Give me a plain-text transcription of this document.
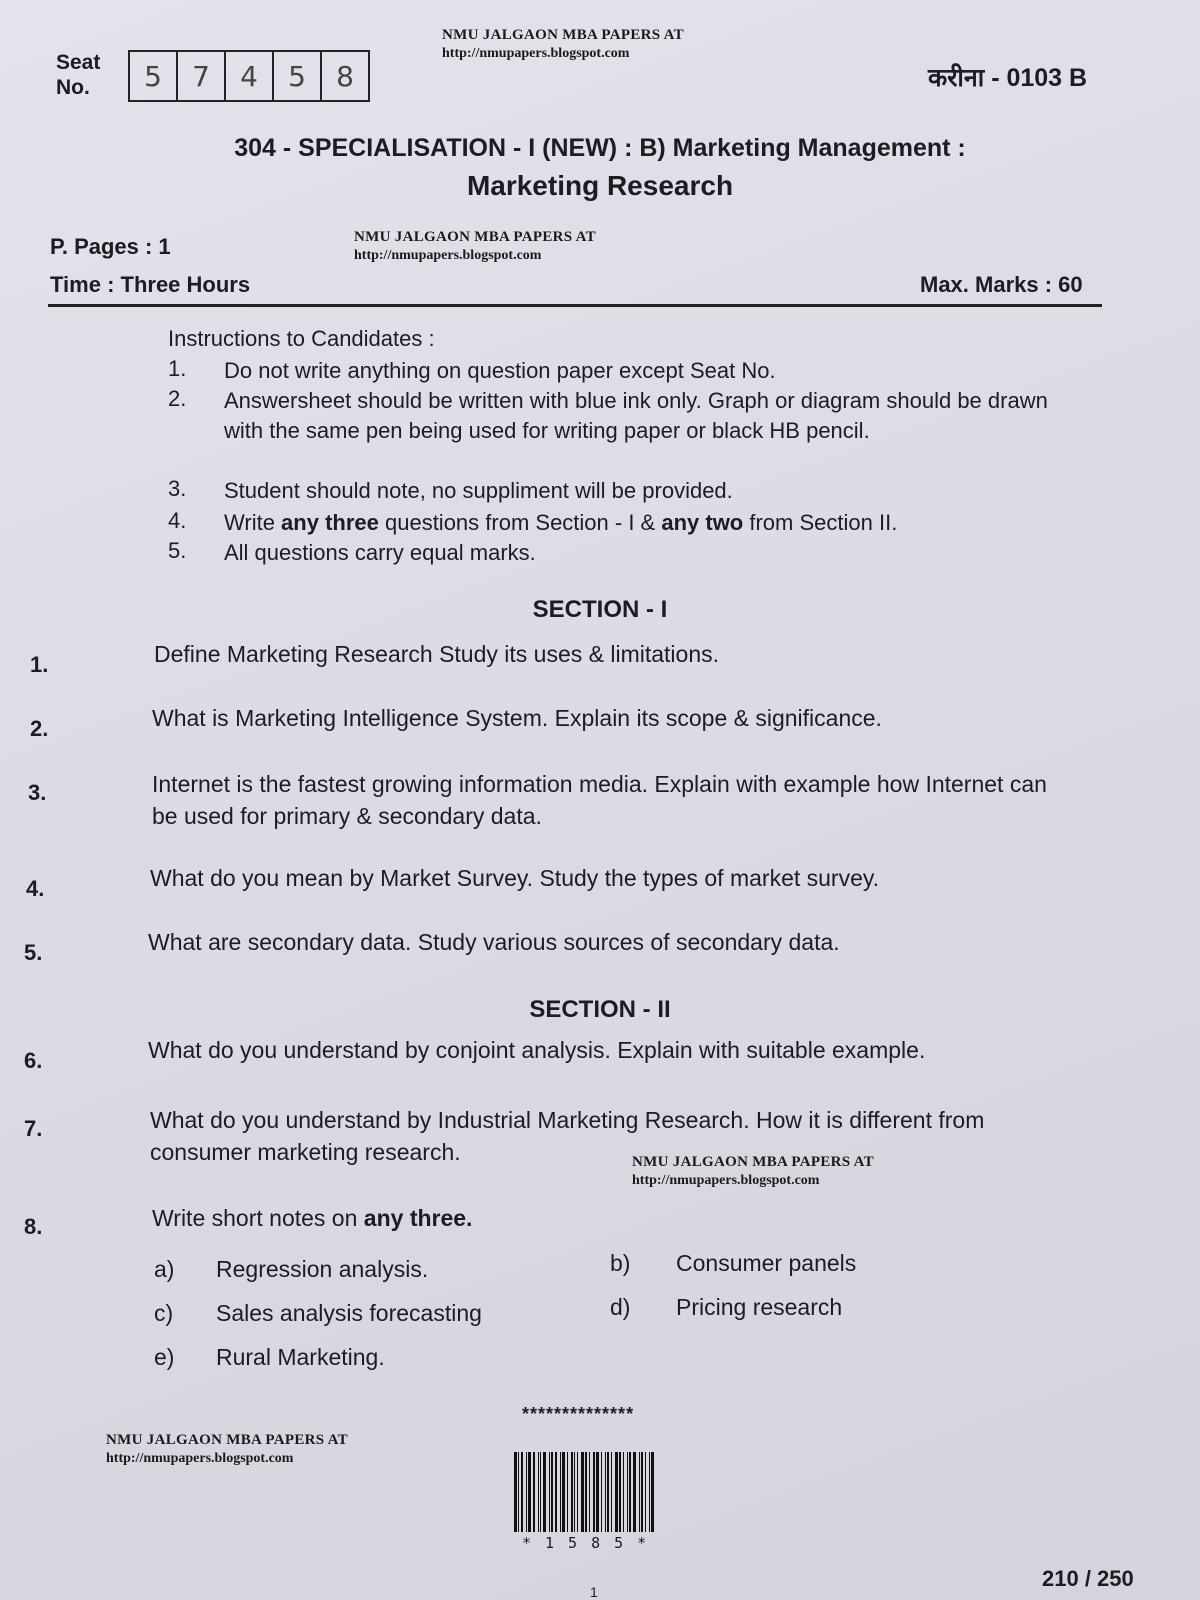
NMU JALGAON MBA PAPERS AT
http://nmupapers.blogspot.com
NMU JALGAON MBA PAPERS AT
http://nmupapers.blogspot.com
NMU JALGAON MBA PAPERS AT
http://nmupapers.blogspot.com
NMU JALGAON MBA PAPERS AT
http://nmupapers.blogspot.com
Seat
No.	5	7	4	5	8	करीना - 0103 B
304 - SPECIALISATION - I (NEW) : B) Marketing Management :
Marketing Research
P. Pages : 1
Time : Three Hours	Max. Marks : 60
Instructions to Candidates :
1.	Do not write anything on question paper except Seat No.
2.	Answersheet should be written with blue ink only. Graph or diagram should be drawn with the same pen being used for writing paper or black HB pencil.
3.	Student should note, no suppliment will be provided.
4.	Write any three questions from Section - I & any two from Section II.
5.	All questions carry equal marks.
SECTION - I
1.	Define Marketing Research Study its uses & limitations.
2.	What is Marketing Intelligence System. Explain its scope & significance.
3.	Internet is the fastest growing information media. Explain with example how Internet can be used for primary & secondary data.
4.	What do you mean by Market Survey. Study the types of market survey.
5.	What are secondary data. Study various sources of secondary data.
SECTION - II
6.	What do you understand by conjoint analysis. Explain with suitable example.
7.	What do you understand by Industrial Marketing Research. How it is different from consumer marketing research.
8.	Write short notes on any three.
a)	Regression analysis.	b)	Consumer panels
c)	Sales analysis forecasting	d)	Pricing research
e)	Rural Marketing.
**************
*1585*
1
210 / 250
